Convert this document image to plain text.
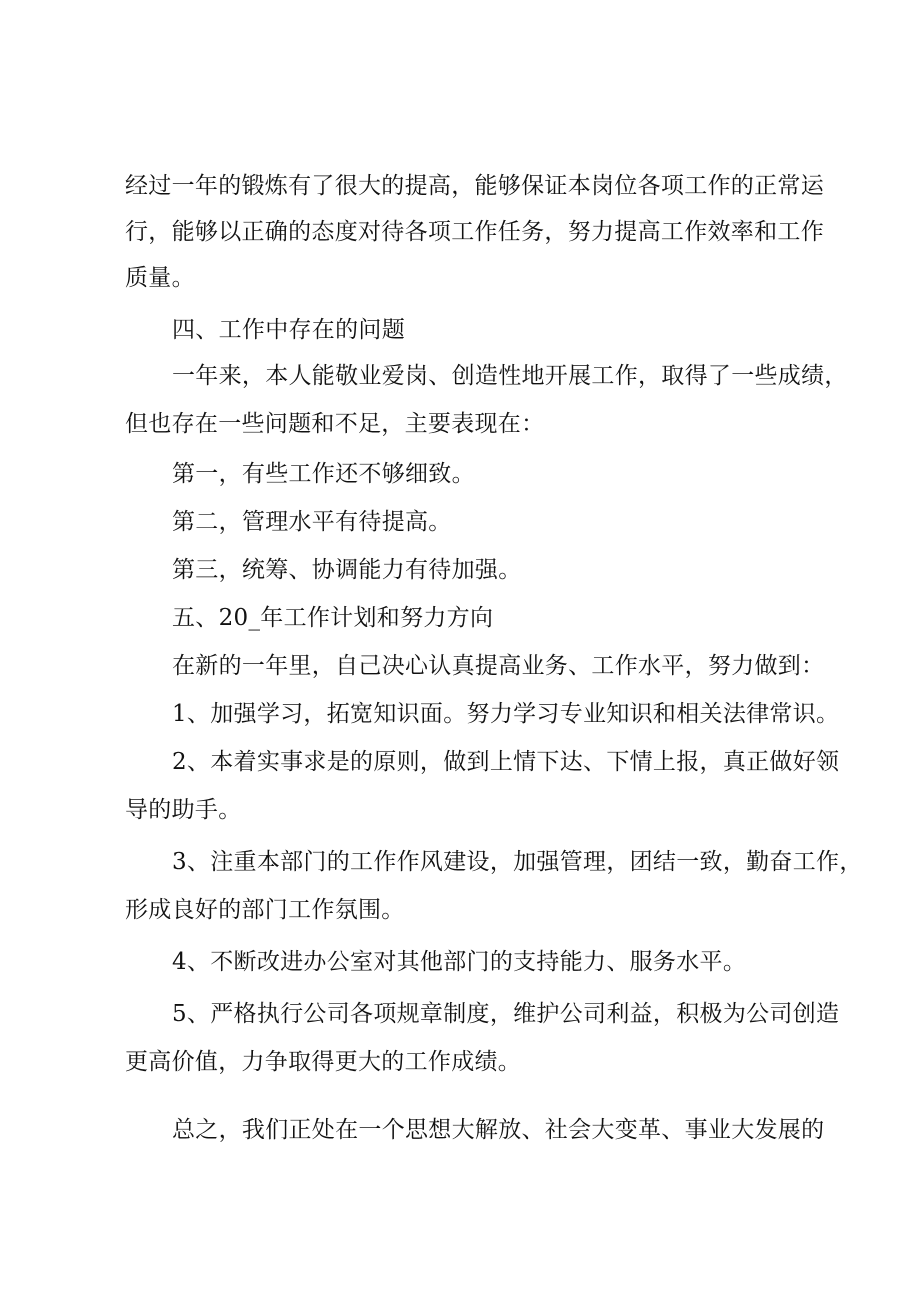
经过一年的锻炼有了很大的提高，能够保证本岗位各项工作的正常运
行，能够以正确的态度对待各项工作任务，努力提高工作效率和工作
质量。
四、工作中存在的问题
一年来，本人能敬业爱岗、创造性地开展工作，取得了一些成绩，
但也存在一些问题和不足，主要表现在：
第一，有些工作还不够细致。
第二，管理水平有待提高。
第三，统筹、协调能力有待加强。
五、20_年工作计划和努力方向
在新的一年里，自己决心认真提高业务、工作水平，努力做到：
1、加强学习，拓宽知识面。努力学习专业知识和相关法律常识。
2、本着实事求是的原则，做到上情下达、下情上报，真正做好领
导的助手。
3、注重本部门的工作作风建设，加强管理，团结一致，勤奋工作，
形成良好的部门工作氛围。
4、不断改进办公室对其他部门的支持能力、服务水平。
5、严格执行公司各项规章制度，维护公司利益，积极为公司创造
更高价值，力争取得更大的工作成绩。
总之，我们正处在一个思想大解放、社会大变革、事业大发展的
